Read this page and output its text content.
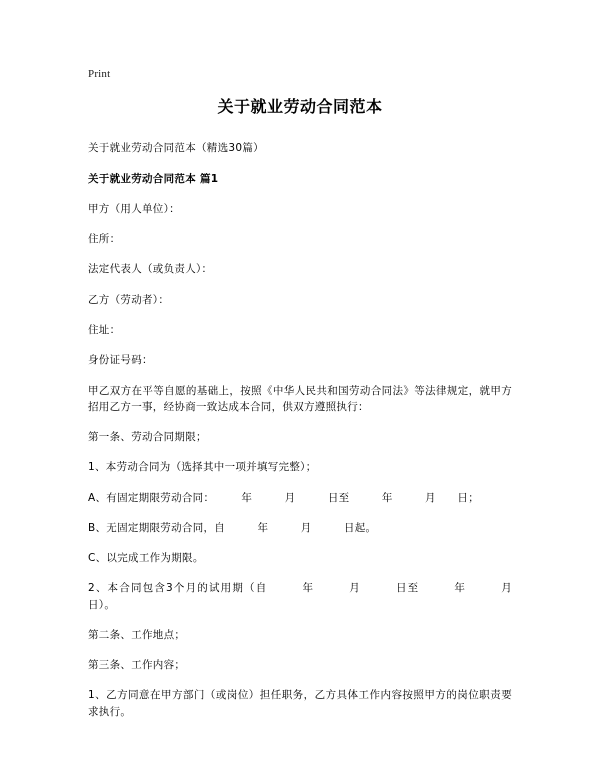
Print
关于就业劳动合同范本

关于就业劳动合同范本（精选30篇）

关于就业劳动合同范本 篇1

甲方（用人单位）：

住所：

法定代表人（或负责人）：

乙方（劳动者）：

住址：

身份证号码：

甲乙双方在平等自愿的基础上，按照《中华人民共和国劳动合同法》等法律规定，就甲方招用乙方一事，经协商一致达成本合同，供双方遵照执行：

第一条、劳动合同期限；

1、本劳动合同为（选择其中一项并填写完整）；

A、有固定期限劳动合同：　　　年　　　月　　　日至　　　年　　　月　　日；

B、无固定期限劳动合同，自　　　年　　　月　　　日起。

C、以完成工作为期限。

2、本合同包含3个月的试用期（自　　　年　　　月　　　日至　　　年　　　月　　　日）。

第二条、工作地点；

第三条、工作内容；

1、乙方同意在甲方部门（或岗位）担任职务，乙方具体工作内容按照甲方的岗位职责要求执行。
